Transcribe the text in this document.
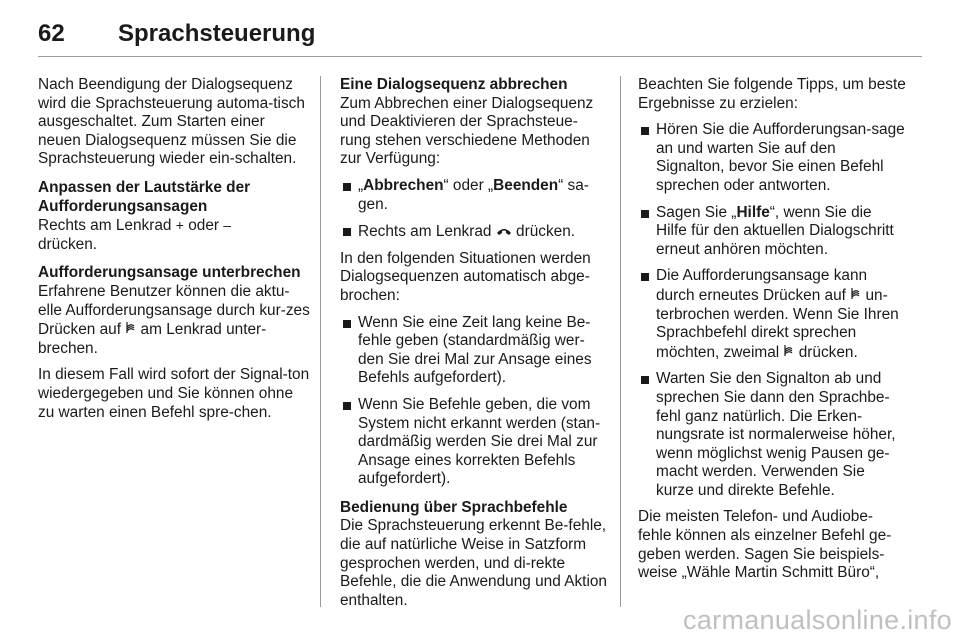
62 Sprachsteuerung

Nach Beendigung der Dialogsequenz wird die Sprachsteuerung automa-tisch ausgeschaltet. Zum Starten einer neuen Dialogsequenz müssen Sie die Sprachsteuerung wieder ein-schalten.

Anpassen der Lautstärke der Aufforderungsansagen

Rechts am Lenkrad + oder –
drücken.

Aufforderungsansage unterbrechen

Erfahrene Benutzer können die aktu-elle Aufforderungsansage durch kur-zes Drücken auf am Lenkrad unter-brechen.

In diesem Fall wird sofort der Signal-ton wiedergegeben und Sie können ohne zu warten einen Befehl spre-chen.

Eine Dialogsequenz abbrechen

Zum Abbrechen einer Dialogsequenz und Deaktivieren der Sprachsteue-rung stehen verschiedene Methoden zur Verfügung:

„Abbrechen“ oder „Beenden“ sa-gen.
Rechts am Lenkrad drücken.

In den folgenden Situationen werden Dialogsequenzen automatisch abge-brochen:

Wenn Sie eine Zeit lang keine Be-fehle geben (standardmäßig wer-den Sie drei Mal zur Ansage eines Befehls aufgefordert).
Wenn Sie Befehle geben, die vom System nicht erkannt werden (stan-dardmäßig werden Sie drei Mal zur Ansage eines korrekten Befehls aufgefordert).

Bedienung über Sprachbefehle

Die Sprachsteuerung erkennt Be-fehle, die auf natürliche Weise in Satzform gesprochen werden, und di-rekte Befehle, die die Anwendung und Aktion enthalten.

Beachten Sie folgende Tipps, um beste Ergebnisse zu erzielen:

Hören Sie die Aufforderungsan-sage an und warten Sie auf den Signalton, bevor Sie einen Befehl sprechen oder antworten.
Sagen Sie „Hilfe“, wenn Sie die Hilfe für den aktuellen Dialogschritt erneut anhören möchten.
Die Aufforderungsansage kann durch erneutes Drücken auf un-terbrochen werden. Wenn Sie Ihren Sprachbefehl direkt sprechen möchten, zweimal drücken.
Warten Sie den Signalton ab und sprechen Sie dann den Sprachbe-fehl ganz natürlich. Die Erken-nungsrate ist normalerweise höher, wenn möglichst wenig Pausen ge-macht werden. Verwenden Sie kurze und direkte Befehle.

Die meisten Telefon- und Audiobe-fehle können als einzelner Befehl ge-geben werden. Sagen Sie beispiels-weise „Wähle Martin Schmitt Büro“,

carmanualsonline.info
